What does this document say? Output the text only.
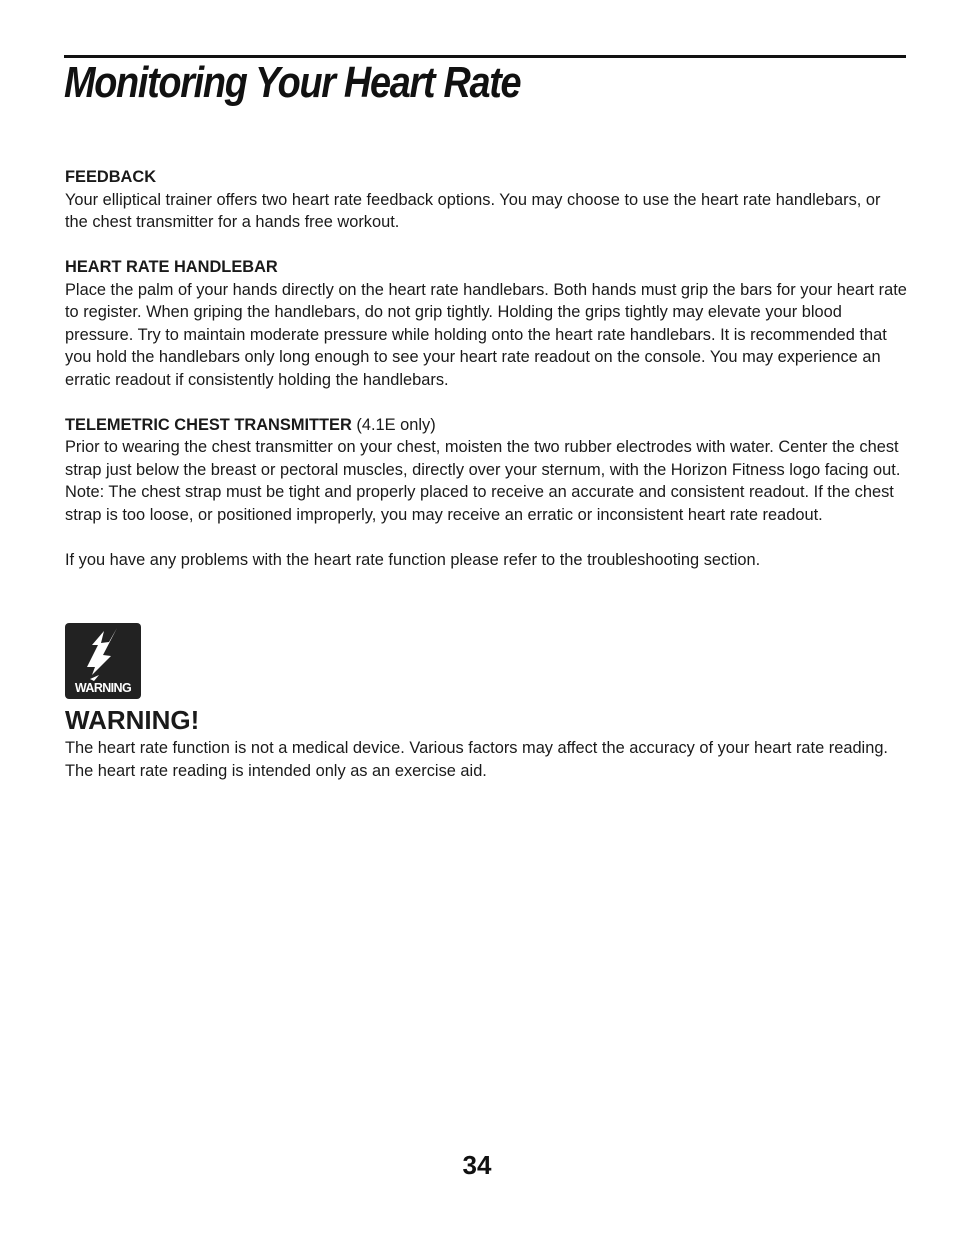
Monitoring Your Heart Rate
FEEDBACK
Your elliptical trainer offers two heart rate feedback options. You may choose to use the heart rate handlebars, or the chest transmitter for a hands free workout.
HEART RATE HANDLEBAR
Place the palm of your hands directly on the heart rate handlebars. Both hands must grip the bars for your heart rate to register. When griping the handlebars, do not grip tightly. Holding the grips tightly may elevate your blood pressure. Try to maintain moderate pressure while holding onto the heart rate handlebars. It is recommended that you hold the handlebars only long enough to see your heart rate readout on the console. You may experience an erratic readout if consistently holding the handlebars.
TELEMETRIC CHEST TRANSMITTER (4.1E only)
Prior to wearing the chest transmitter on your chest, moisten the two rubber electrodes with water. Center the chest strap just below the breast or pectoral muscles, directly over your sternum, with the Horizon Fitness logo facing out. Note: The chest strap must be tight and properly placed to receive an accurate and consistent readout. If the chest strap is too loose, or positioned improperly, you may receive an erratic or inconsistent heart rate readout.
If you have any problems with the heart rate function please refer to the troubleshooting section.
WARNING
WARNING!

The heart rate function is not a medical device. Various factors may affect the accuracy of your heart rate reading. The heart rate reading is intended only as an exercise aid.

34
